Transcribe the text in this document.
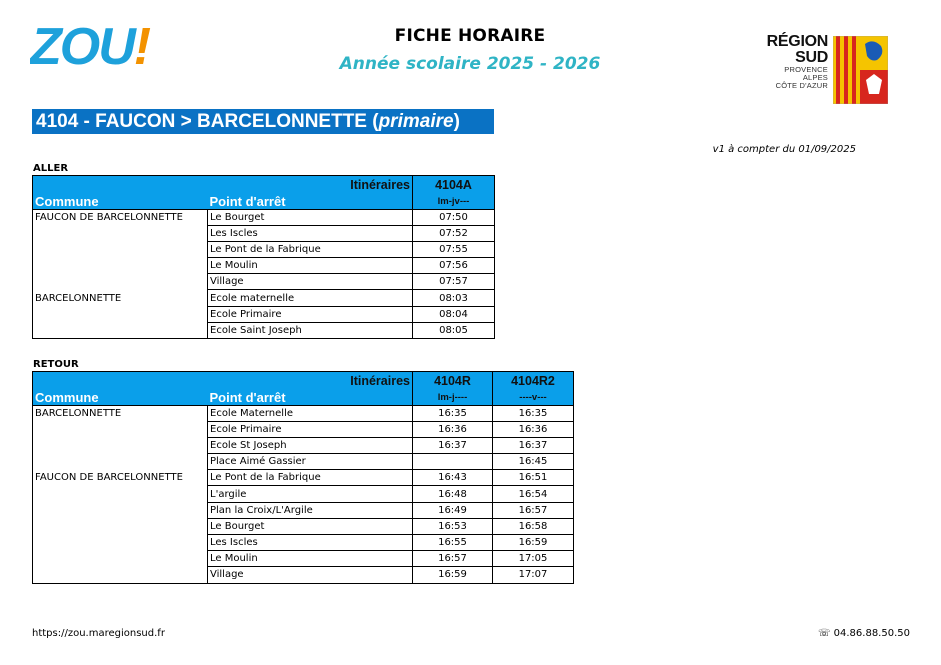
ZOU!	FICHE HORAIRE
Année scolaire 2025 - 2026
RÉGION
SUD
PROVENCE
ALPES
CÔTE D'AZUR
4104 - FAUCON > BARCELONNETTE (primaire)
v1 à compter du 01/09/2025
ALLER
	Itinéraires	4104A
Commune	Point d'arrêt	lm-jv---
FAUCON DE BARCELONNETTE	Le Bourget	07:50
	Les Iscles	07:52
	Le Pont de la Fabrique	07:55
	Le Moulin	07:56
	Village	07:57
BARCELONNETTE	Ecole maternelle	08:03
	Ecole Primaire	08:04
	Ecole Saint Joseph	08:05
RETOUR
	Itinéraires	4104R	4104R2
Commune	Point d'arrêt	lm-j----	----v---
BARCELONNETTE	Ecole Maternelle	16:35	16:35
	Ecole Primaire	16:36	16:36
	Ecole St Joseph	16:37	16:37
	Place Aimé Gassier		16:45
FAUCON DE BARCELONNETTE	Le Pont de la Fabrique	16:43	16:51
	L'argile	16:48	16:54
	Plan la Croix/L'Argile	16:49	16:57
	Le Bourget	16:53	16:58
	Les Iscles	16:55	16:59
	Le Moulin	16:57	17:05
	Village	16:59	17:07
https://zou.maregionsud.fr	☏ 04.86.88.50.50
